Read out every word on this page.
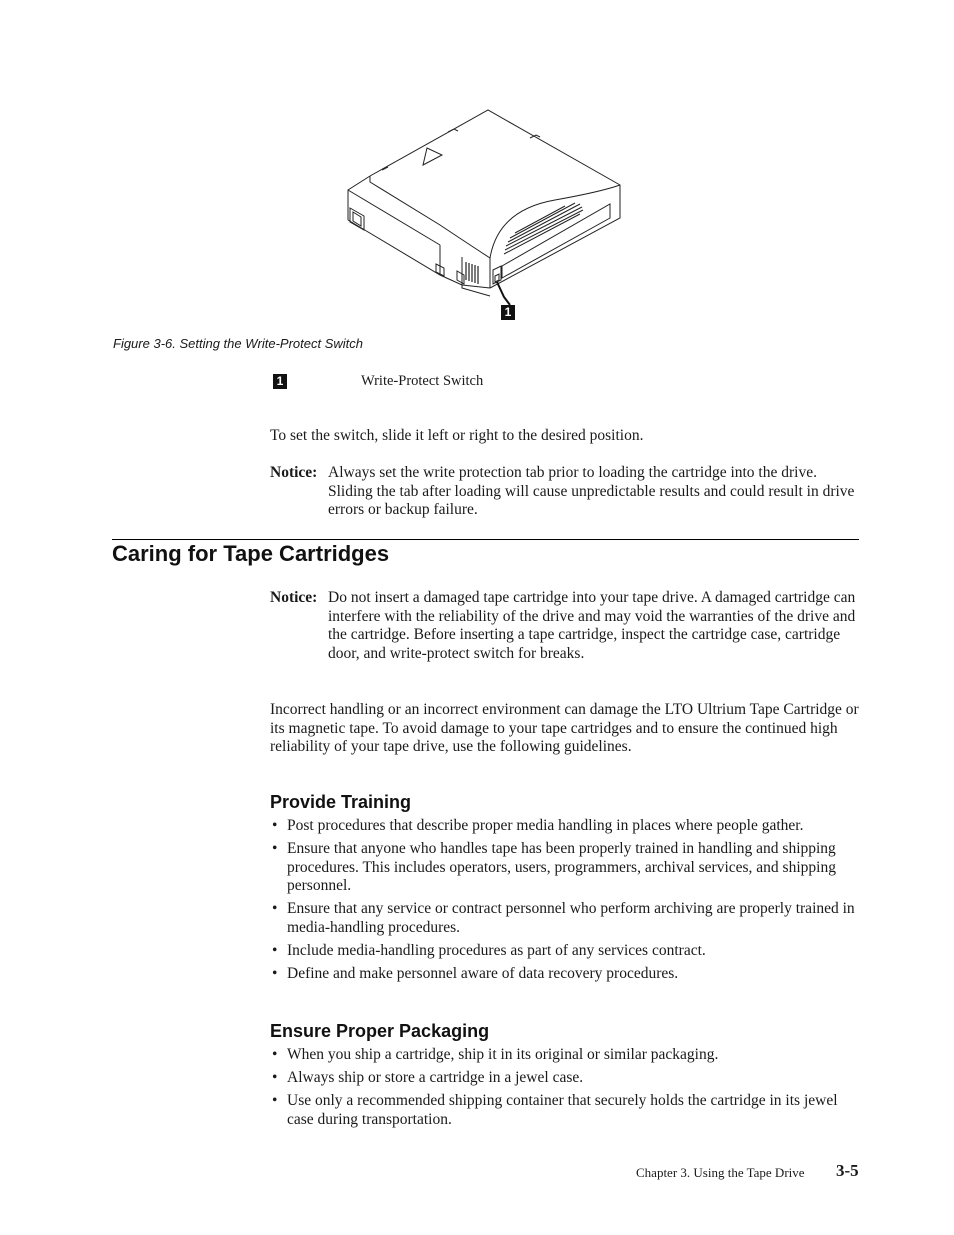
1
Figure 3-6. Setting the Write-Protect Switch
1	Write-Protect Switch
To set the switch, slide it left or right to the desired position.
Notice: Always set the write protection tab prior to loading the cartridge into the drive. Sliding the tab after loading will cause unpredictable results and could result in drive errors or backup failure.
Caring for Tape Cartridges
Notice: Do not insert a damaged tape cartridge into your tape drive. A damaged cartridge can interfere with the reliability of the drive and may void the warranties of the drive and the cartridge. Before inserting a tape cartridge, inspect the cartridge case, cartridge door, and write-protect switch for breaks.
Incorrect handling or an incorrect environment can damage the LTO Ultrium Tape Cartridge or its magnetic tape. To avoid damage to your tape cartridges and to ensure the continued high reliability of your tape drive, use the following guidelines.
Provide Training
• Post procedures that describe proper media handling in places where people gather.
• Ensure that anyone who handles tape has been properly trained in handling and shipping procedures. This includes operators, users, programmers, archival services, and shipping personnel.
• Ensure that any service or contract personnel who perform archiving are properly trained in media-handling procedures.
• Include media-handling procedures as part of any services contract.
• Define and make personnel aware of data recovery procedures.
Ensure Proper Packaging
• When you ship a cartridge, ship it in its original or similar packaging.
• Always ship or store a cartridge in a jewel case.
• Use only a recommended shipping container that securely holds the cartridge in its jewel case during transportation.
Chapter 3. Using the Tape Drive 3-5
